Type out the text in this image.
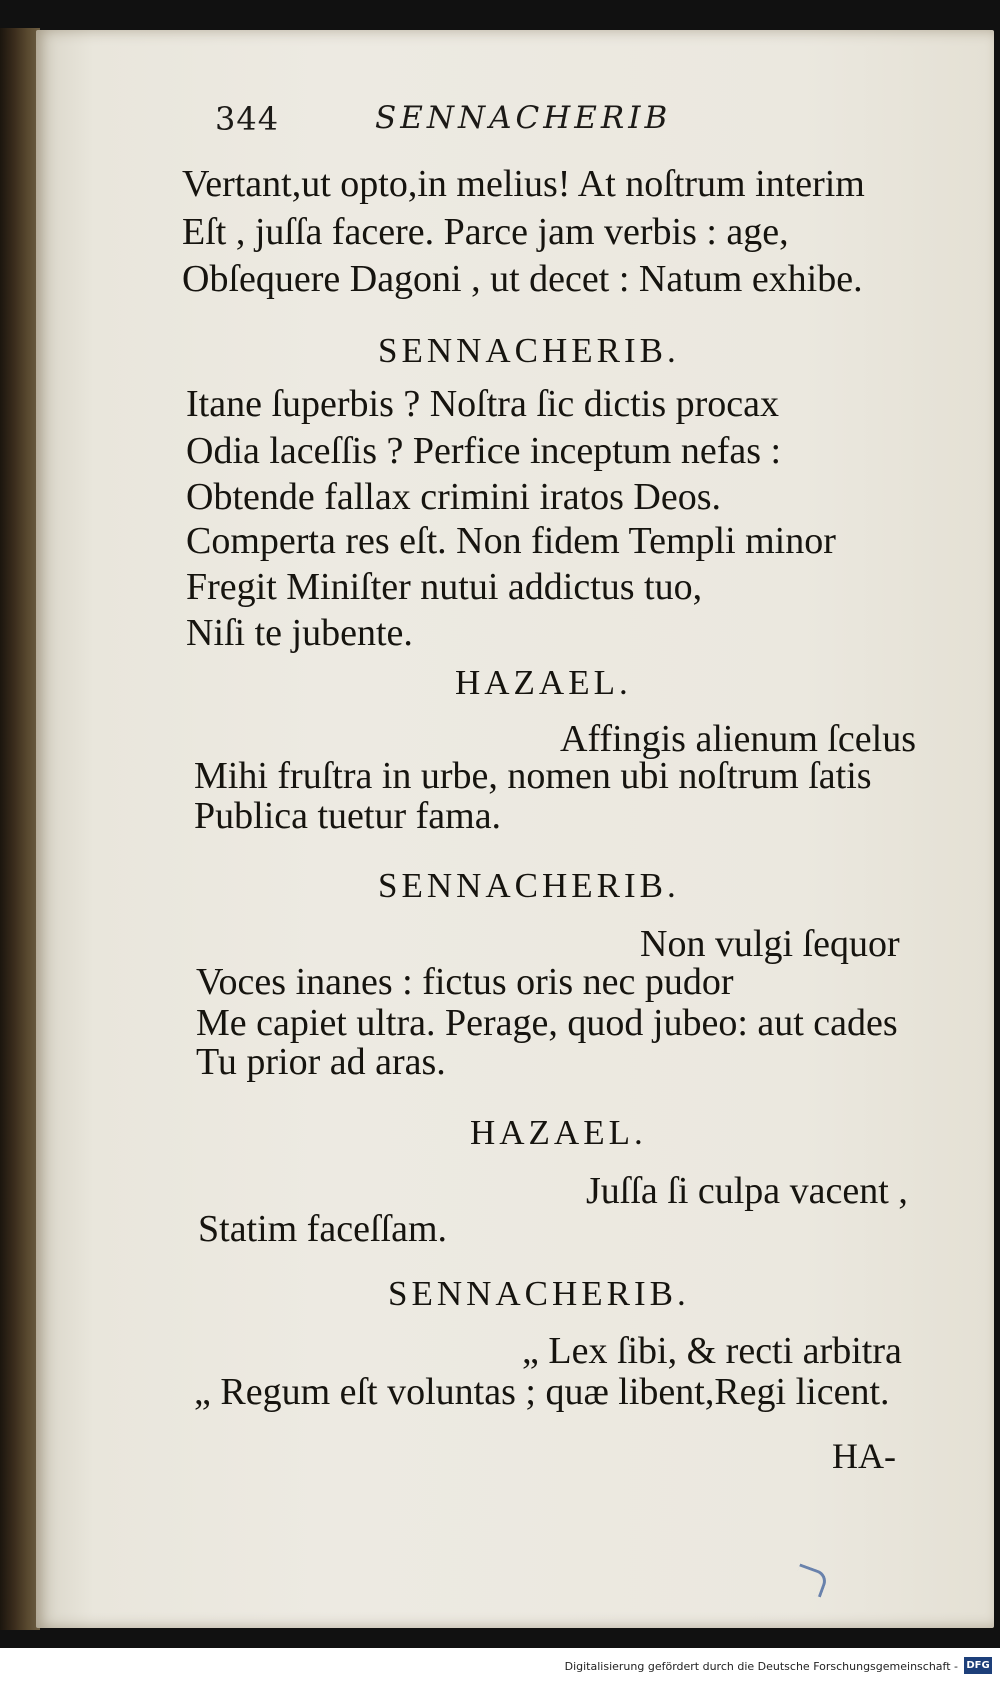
344	SENNACHERIB
Vertant,ut opto,in melius! At noſtrum interim
Eſt , juſſa facere. Parce jam verbis : age,
Obſequere Dagoni , ut decet : Natum exhibe.
SENNACHERIB.
Itane ſuperbis ? Noſtra ſic dictis procax
Odia laceſſis ? Perfice inceptum nefas :
Obtende fallax crimini iratos Deos.
Comperta res eſt. Non fidem Templi minor
Fregit Miniſter nutui addictus tuo,
Niſi te jubente.
HAZAEL.
Affingis alienum ſcelus
Mihi fruſtra in urbe, nomen ubi noſtrum ſatis
Publica tuetur fama.
SENNACHERIB.
Non vulgi ſequor
Voces inanes : fictus oris nec pudor
Me capiet ultra. Perage, quod jubeo: aut cades
Tu prior ad aras.
HAZAEL.
Juſſa ſi culpa vacent ,
Statim faceſſam.
SENNACHERIB.
„ Lex ſibi, & recti arbitra
„ Regum eſt voluntas ; quæ libent,Regi licent.
HA-
Digitalisierung gefördert durch die Deutsche Forschungsgemeinschaft - DFG
